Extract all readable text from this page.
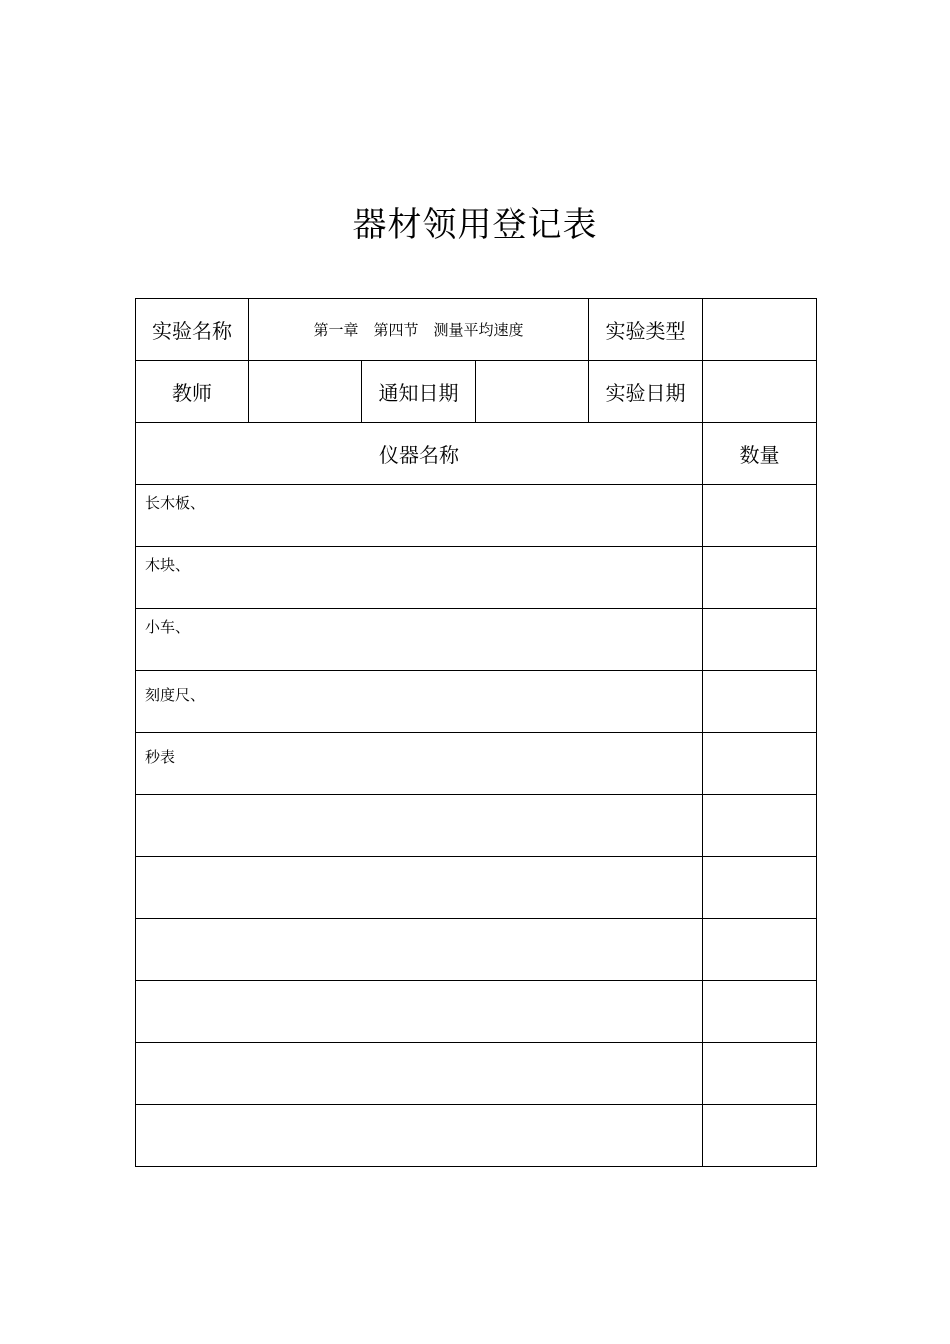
器材领用登记表
实验名称	第一章　第四节　测量平均速度			实验类型	
教师		通知日期		实验日期	
仪器名称					数量

长木板、					

木块、					

小车、					

刻度尺、					

秒表					
